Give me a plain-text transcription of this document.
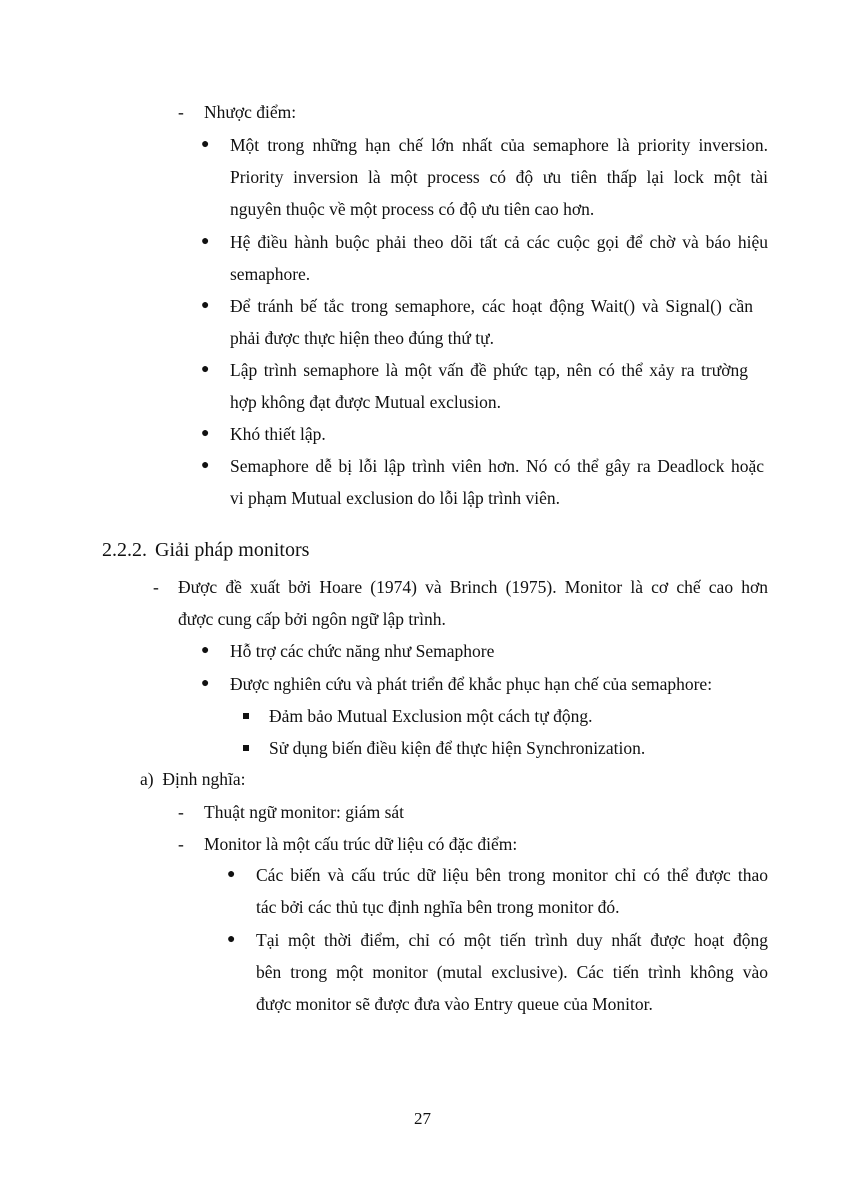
- Nhược điểm:
● Một trong những hạn chế lớn nhất của semaphore là priority inversion.
Priority inversion là một process có độ ưu tiên thấp lại lock một tài
nguyên thuộc về một process có độ ưu tiên cao hơn.
● Hệ điều hành buộc phải theo dõi tất cả các cuộc gọi để chờ và báo hiệu
semaphore.
● Để tránh bế tắc trong semaphore, các hoạt động Wait() và Signal() cần
phải được thực hiện theo đúng thứ tự.
● Lập trình semaphore là một vấn đề phức tạp, nên có thể xảy ra trường
hợp không đạt được Mutual exclusion.
● Khó thiết lập.
● Semaphore dễ bị lỗi lập trình viên hơn. Nó có thể gây ra Deadlock hoặc
vi phạm Mutual exclusion do lỗi lập trình viên.
2.2.2. Giải pháp monitors
- Được đề xuất bởi Hoare (1974) và Brinch (1975). Monitor là cơ chế cao hơn
được cung cấp bởi ngôn ngữ lập trình.
● Hỗ trợ các chức năng như Semaphore
● Được nghiên cứu và phát triển để khắc phục hạn chế của semaphore:
Đảm bảo Mutual Exclusion một cách tự động.
Sử dụng biến điều kiện để thực hiện Synchronization.
a)  Định nghĩa:
- Thuật ngữ monitor: giám sát
- Monitor là một cấu trúc dữ liệu có đặc điểm:
● Các biến và cấu trúc dữ liệu bên trong monitor chỉ có thể được thao
tác bởi các thủ tục định nghĩa bên trong monitor đó.
● Tại một thời điểm, chỉ có một tiến trình duy nhất được hoạt động
bên trong một monitor (mutal exclusive). Các tiến trình không vào
được monitor sẽ được đưa vào Entry queue của Monitor.
27
